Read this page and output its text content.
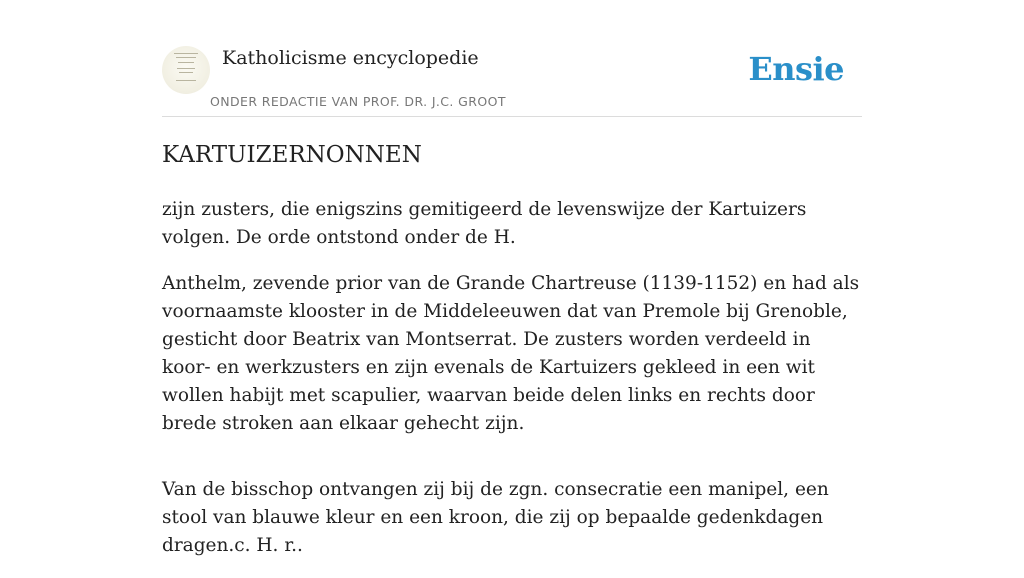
Katholicisme encyclopedie
ONDER REDACTIE VAN PROF. DR. J.C. GROOT
Ensie
KARTUIZERNONNEN

zijn zusters, die enigszins gemitigeerd de levenswijze der Kartuizers volgen. De orde ontstond onder de H.

Anthelm, zevende prior van de Grande Chartreuse (1139-1152) en had als voornaamste klooster in de Middeleeuwen dat van Premole bij Grenoble, gesticht door Beatrix van Montserrat. De zusters worden verdeeld in koor- en werkzusters en zijn evenals de Kartuizers gekleed in een wit wollen habijt met scapulier, waarvan beide delen links en rechts door brede stroken aan elkaar gehecht zijn.

Van de bisschop ontvangen zij bij de zgn. consecratie een manipel, een stool van blauwe kleur en een kroon, die zij op bepaalde gedenkdagen dragen.c. H. r..
